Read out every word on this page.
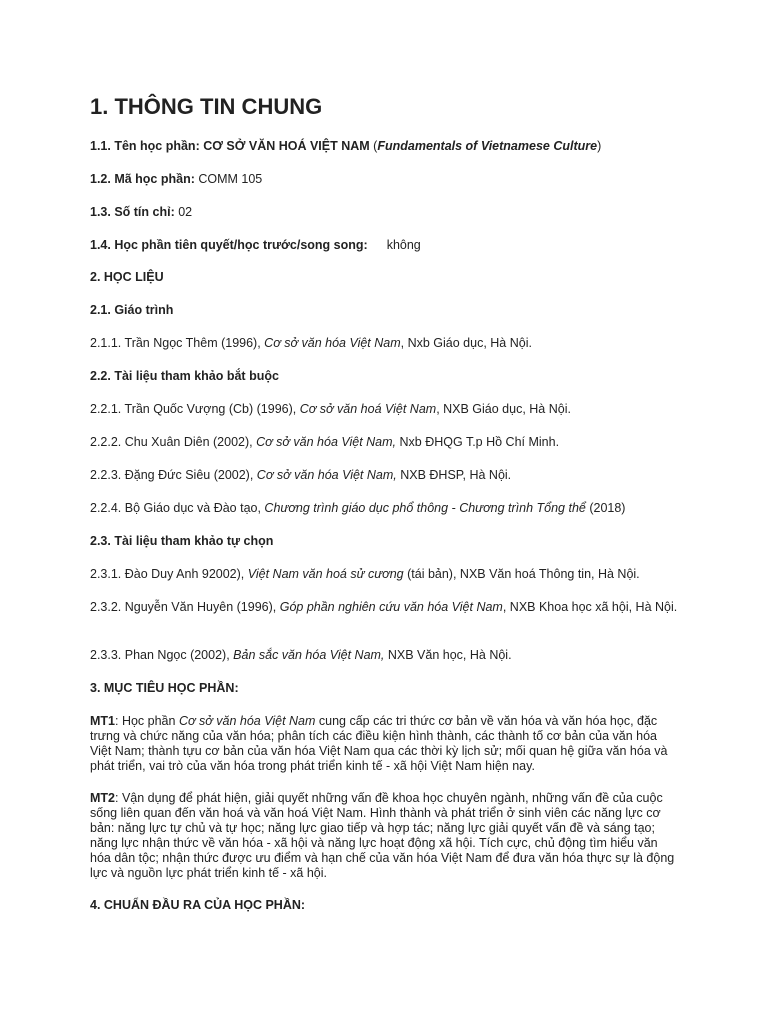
1. THÔNG TIN CHUNG
1.1. Tên học phần: CƠ SỞ VĂN HOÁ VIỆT NAM (Fundamentals of Vietnamese Culture)
1.2. Mã học phần: COMM 105
1.3. Số tín chỉ: 02
1.4. Học phần tiên quyết/học trước/song song: không
2. HỌC LIỆU
2.1. Giáo trình
2.1.1. Trần Ngọc Thêm (1996), Cơ sở văn hóa Việt Nam, Nxb Giáo dục, Hà Nội.
2.2. Tài liệu tham khảo bắt buộc
2.2.1. Trần Quốc Vượng (Cb) (1996), Cơ sở văn hoá Việt Nam, NXB Giáo dục, Hà Nội.
2.2.2. Chu Xuân Diên (2002), Cơ sở văn hóa Việt Nam, Nxb ĐHQG T.p Hồ Chí Minh.
2.2.3. Đặng Đức Siêu (2002), Cơ sở văn hóa Việt Nam, NXB ĐHSP, Hà Nội.
2.2.4. Bộ Giáo dục và Đào tạo, Chương trình giáo dục phổ thông - Chương trình Tổng thể (2018)
2.3. Tài liệu tham khảo tự chọn
2.3.1. Đào Duy Anh 92002), Việt Nam văn hoá sử cương (tái bản), NXB Văn hoá Thông tin, Hà Nội.
2.3.2. Nguyễn Văn Huyên (1996), Góp phần nghiên cứu văn hóa Việt Nam, NXB Khoa học xã hội, Hà Nội.
2.3.3. Phan Ngọc (2002), Bản sắc văn hóa Việt Nam, NXB Văn học, Hà Nội.
3. MỤC TIÊU HỌC PHẦN:
MT1: Học phần Cơ sở văn hóa Việt Nam cung cấp các tri thức cơ bản về văn hóa và văn hóa học, đặc trưng và chức năng của văn hóa; phân tích các điều kiện hình thành, các thành tố cơ bản của văn hóa Việt Nam; thành tựu cơ bản của văn hóa Việt Nam qua các thời kỳ lịch sử; mối quan hệ giữa văn hóa và phát triển, vai trò của văn hóa trong phát triển kinh tế - xã hội Việt Nam hiện nay.
MT2: Vận dụng để phát hiện, giải quyết những vấn đề khoa học chuyên ngành, những vấn đề của cuộc sống liên quan đến văn hoá và văn hoá Việt Nam. Hình thành và phát triển ở sinh viên các năng lực cơ bản: năng lực tự chủ và tự học; năng lực giao tiếp và hợp tác; năng lực giải quyết vấn đề và sáng tạo; năng lực nhận thức về văn hóa - xã hội và năng lực hoạt động xã hội. Tích cực, chủ động tìm hiểu văn hóa dân tộc; nhận thức được ưu điểm và hạn chế của văn hóa Việt Nam để đưa văn hóa thực sự là động lực và nguồn lực phát triển kinh tế - xã hội.
4. CHUẨN ĐẦU RA CỦA HỌC PHẦN:
